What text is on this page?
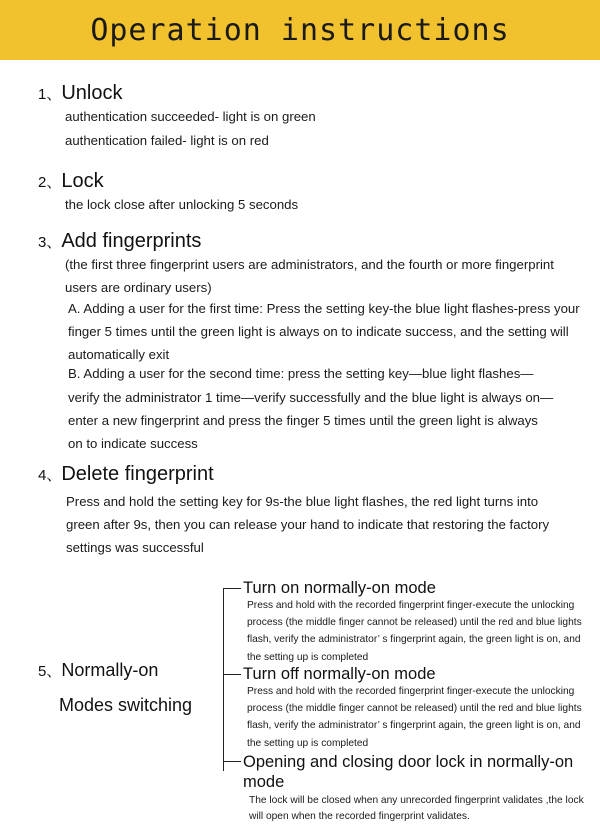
Operation instructions
1、Unlock
authentication succeeded- light is on green
authentication failed- light is on red
2、Lock
the lock close after unlocking 5 seconds
3、Add fingerprints
(the first three fingerprint users are administrators, and the fourth or more fingerprint
users are ordinary users)
A. Adding a user for the first time: Press the setting key-the blue light flashes-press your
finger 5 times until the green light is always on to indicate success, and the setting will
automatically exit
B. Adding a user for the second time: press the setting key—blue light flashes—
verify the administrator 1 time—verify successfully and the blue light is always on—
enter a new fingerprint and press the finger 5 times until the green light is always
on to indicate success
4、Delete fingerprint
Press and hold the setting key for 9s-the blue light flashes, the red light turns into
green after 9s, then you can release your hand to indicate that restoring the factory
settings was successful
5、Normally-on
Modes switching
Turn on normally-on mode
Press and hold with the recorded fingerprint finger-execute the unlocking
process (the middle finger cannot be released) until the red and blue lights
flash, verify the administrator’ s fingerprint again, the green light is on, and
the setting up is completed
Turn off normally-on mode
Press and hold with the recorded fingerprint finger-execute the unlocking
process (the middle finger cannot be released) until the red and blue lights
flash, verify the administrator’ s fingerprint again, the green light is on, and
the setting up is completed
Opening and closing door lock in normally-on
mode
The lock will be closed when any unrecorded fingerprint validates ,the lock
will open when the recorded fingerprint validates.
